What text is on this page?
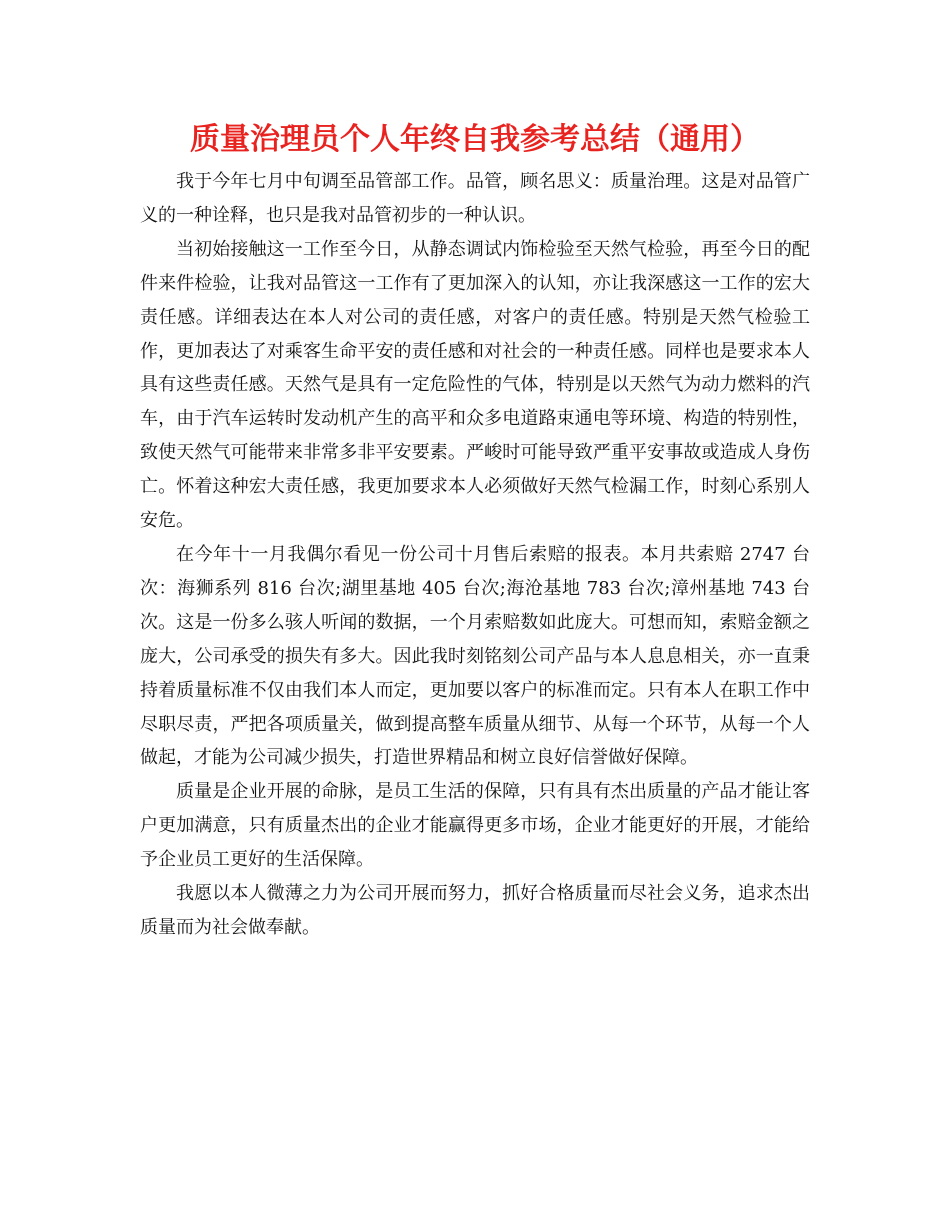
质量治理员个人年终自我参考总结（通用）

我于今年七月中旬调至品管部工作。品管，顾名思义：质量治理。这是对品管广义的一种诠释，也只是我对品管初步的一种认识。

当初始接触这一工作至今日，从静态调试内饰检验至天然气检验，再至今日的配件来件检验，让我对品管这一工作有了更加深入的认知，亦让我深感这一工作的宏大责任感。详细表达在本人对公司的责任感，对客户的责任感。特别是天然气检验工作，更加表达了对乘客生命平安的责任感和对社会的一种责任感。同样也是要求本人具有这些责任感。天然气是具有一定危险性的气体，特别是以天然气为动力燃料的汽车，由于汽车运转时发动机产生的高平和众多电道路束通电等环境、构造的特别性，致使天然气可能带来非常多非平安要素。严峻时可能导致严重平安事故或造成人身伤亡。怀着这种宏大责任感，我更加要求本人必须做好天然气检漏工作，时刻心系别人安危。

在今年十一月我偶尔看见一份公司十月售后索赔的报表。本月共索赔 2747 台次：海狮系列 816 台次;湖里基地 405 台次;海沧基地 783 台次;漳州基地 743 台次。这是一份多么骇人听闻的数据，一个月索赔数如此庞大。可想而知，索赔金额之庞大，公司承受的损失有多大。因此我时刻铭刻公司产品与本人息息相关，亦一直秉持着质量标准不仅由我们本人而定，更加要以客户的标准而定。只有本人在职工作中尽职尽责，严把各项质量关，做到提高整车质量从细节、从每一个环节，从每一个人做起，才能为公司减少损失，打造世界精品和树立良好信誉做好保障。

质量是企业开展的命脉，是员工生活的保障，只有具有杰出质量的产品才能让客户更加满意，只有质量杰出的企业才能赢得更多市场，企业才能更好的开展，才能给予企业员工更好的生活保障。

我愿以本人微薄之力为公司开展而努力，抓好合格质量而尽社会义务，追求杰出质量而为社会做奉献。
